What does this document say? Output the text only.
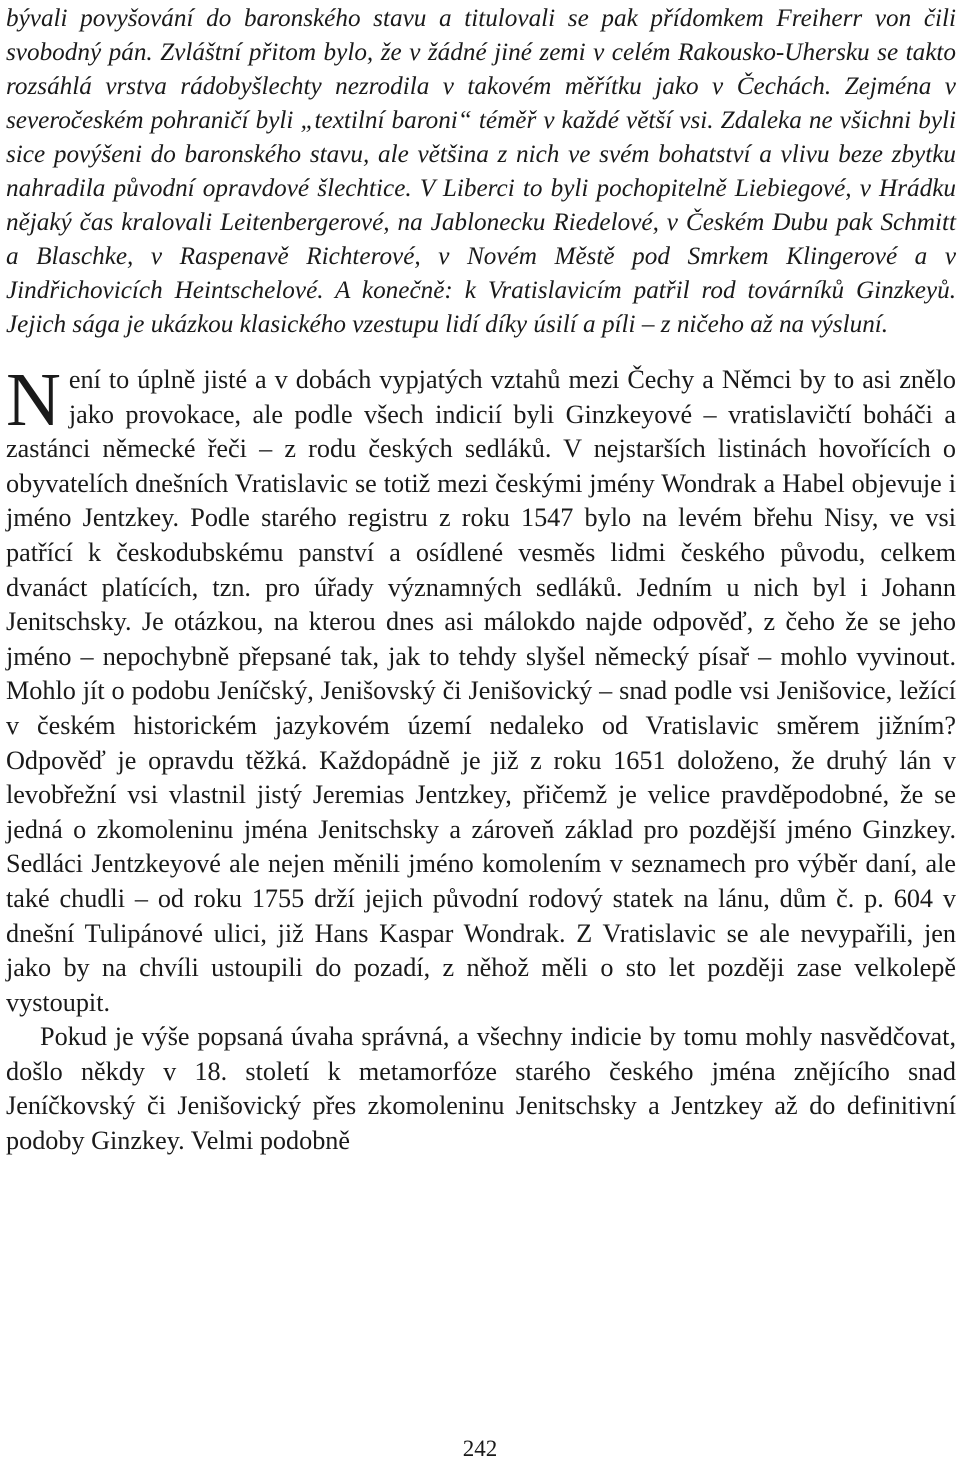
bývali povyšování do baronského stavu a titulovali se pak přídomkem Freiherr von čili svobodný pán. Zvláštní přitom bylo, že v žádné jiné zemi v celém Rakousko-Uhersku se takto rozsáhlá vrstva rádobyšlechty nezrodila v takovém měřítku jako v Čechách. Zejména v severočeském pohraničí byli „textilní baroni“ téměř v každé větší vsi. Zdaleka ne všichni byli sice povýšeni do baronského stavu, ale většina z nich ve svém bohatství a vlivu beze zbytku nahradila původní opravdové šlechtice. V Liberci to byli pochopitelně Liebiegové, v Hrádku nějaký čas kralovali Leitenbergerové, na Jablonecku Riedelové, v Českém Dubu pak Schmitt a Blaschke, v Raspenavě Richterové, v Novém Městě pod Smrkem Klingerové a v Jindřichovicích Heintschelové. A konečně: k Vratislavicím patřil rod továrníků Ginzkeyů. Jejich sága je ukázkou klasického vzestupu lidí díky úsilí a píli – z ničeho až na výsluní.

Není to úplně jisté a v dobách vypjatých vztahů mezi Čechy a Němci by to asi znělo jako provokace, ale podle všech indicií byli Ginzkeyové – vratislavičtí boháči a zastánci německé řeči – z rodu českých sedláků. V nejstarších listinách hovořících o obyvatelích dnešních Vratislavic se totiž mezi českými jmény Wondrak a Habel objevuje i jméno Jentzkey. Podle starého registru z roku 1547 bylo na levém břehu Nisy, ve vsi patřící k českodubskému panství a osídlené vesměs lidmi českého původu, celkem dvanáct platících, tzn. pro úřady významných sedláků. Jedním u nich byl i Johann Jenitschsky. Je otázkou, na kterou dnes asi málokdo najde odpověď, z čeho že se jeho jméno – nepochybně přepsané tak, jak to tehdy slyšel německý písař – mohlo vyvinout. Mohlo jít o podobu Jeníčský, Jenišovský či Jenišovický – snad podle vsi Jenišovice, ležící v českém historickém jazykovém území nedaleko od Vratislavic směrem jižním? Odpověď je opravdu těžká. Každopádně je již z roku 1651 doloženo, že druhý lán v levobřežní vsi vlastnil jistý Jeremias Jentzkey, přičemž je velice pravděpodobné, že se jedná o zkomoleninu jména Jenitschsky a zároveň základ pro pozdější jméno Ginzkey. Sedláci Jentzkeyové ale nejen měnili jméno komolením v seznamech pro výběr daní, ale také chudli – od roku 1755 drží jejich původní rodový statek na lánu, dům č. p. 604 v dnešní Tulipánové ulici, již Hans Kaspar Wondrak. Z Vratislavic se ale nevypařili, jen jako by na chvíli ustoupili do pozadí, z něhož měli o sto let později zase velkolepě vystoupit.

Pokud je výše popsaná úvaha správná, a všechny indicie by tomu mohly nasvědčovat, došlo někdy v 18. století k metamorfóze starého českého jména znějícího snad Jeníčkovský či Jenišovický přes zkomoleninu Jenitschsky a Jentzkey až do definitivní podoby Ginzkey. Velmi podobně

242
